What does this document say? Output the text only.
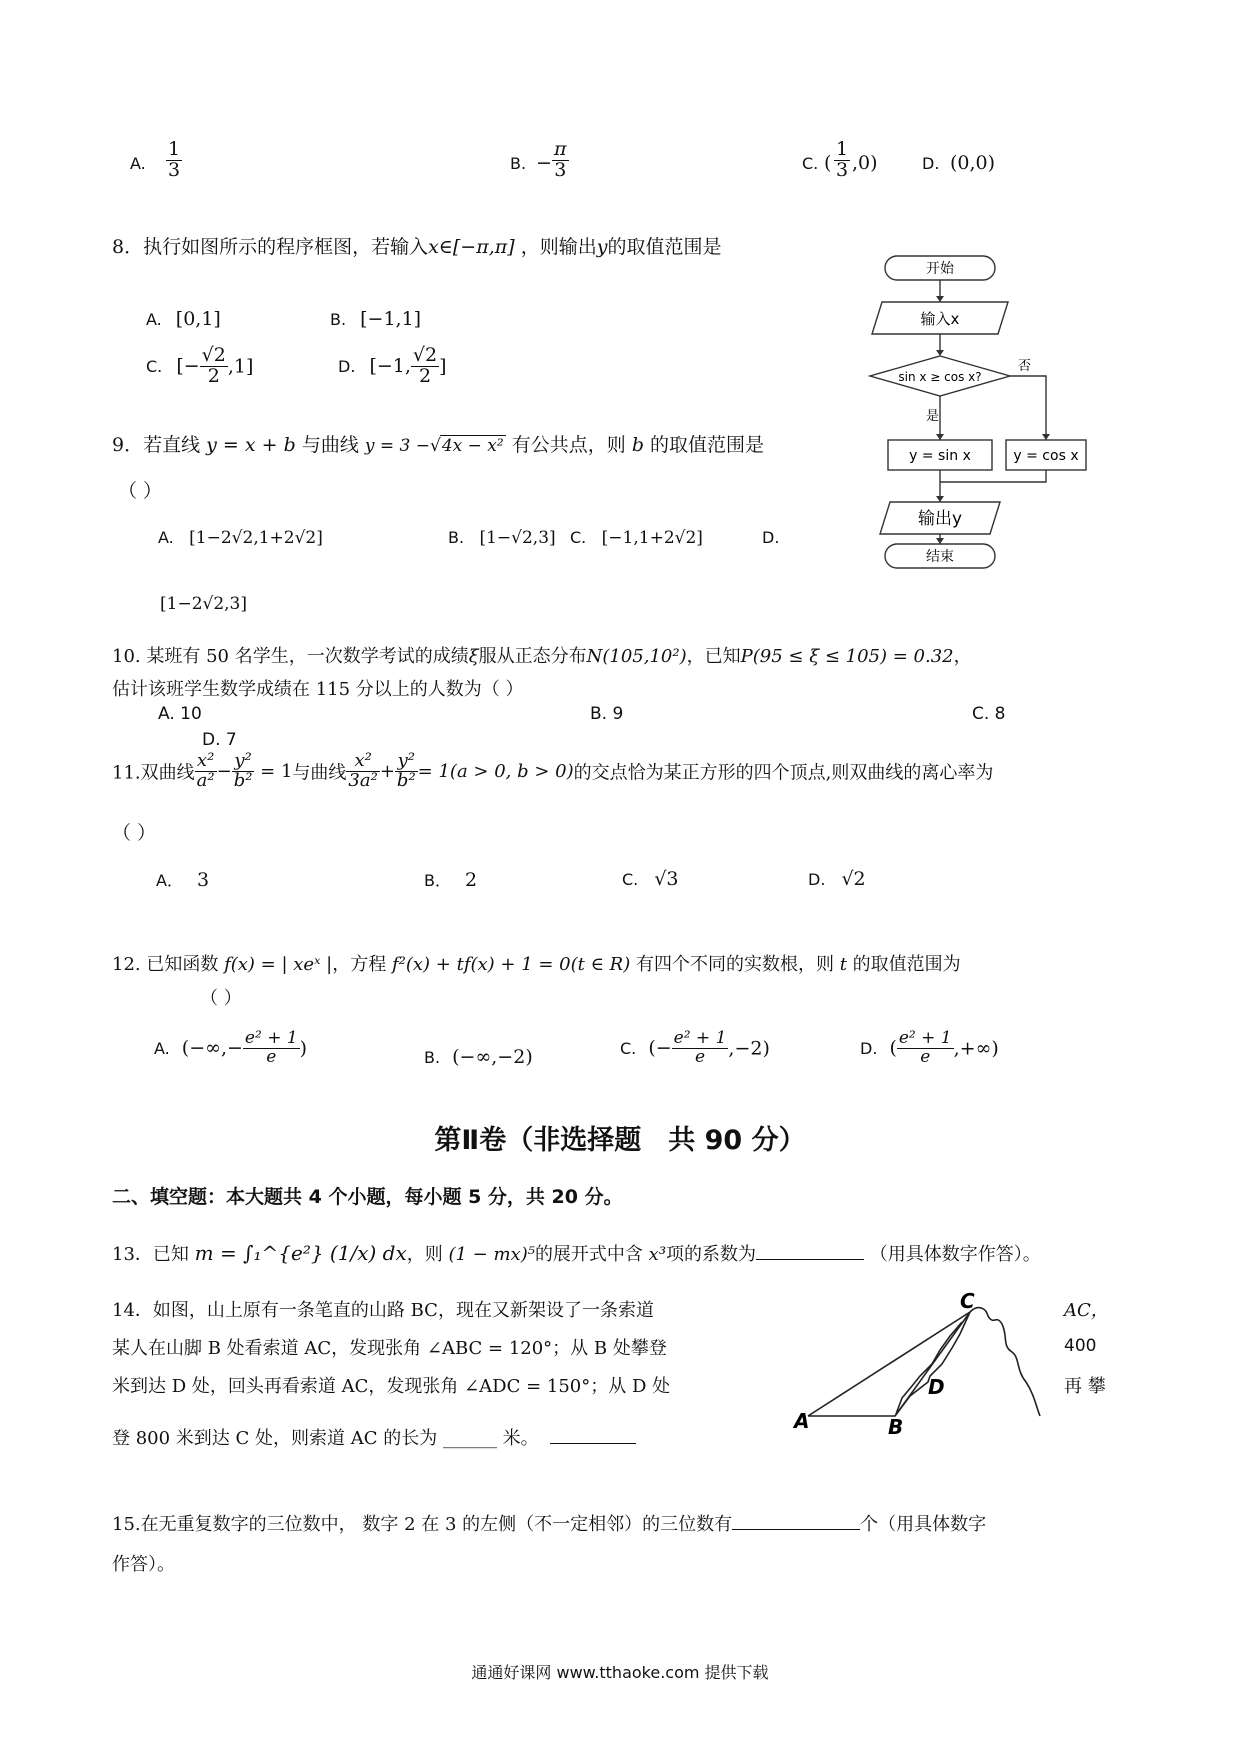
A. $\frac{1}{3}$	B. − $\frac{\pi}{3}$	C. ( $\frac{1}{3} ,0$)	D. (0,0)
8．执行如图所示的程序框图，若输入x∈[−π,π] ，则输出y的取值范围是
A. [0,1]	B. [−1,1]
C. [− $\frac{√2}{2} ,1$]	D. [−1, $\frac{√2}{2}$ ]
开始
输入x
sin x ≥ cos x?
否
是
y = sin x	y = cos x
输出y
结束
9．若直线 y = x + b 与曲线 y = 3 −√4x − x² 有公共点，则 b 的取值范围是
（ ）
A. [1−2√2,1+2√2]	B. [1−√2,3] C. [−1,1+2√2]	D.
[1−2√2,3]
10. 某班有 50 名学生，一次数学考试的成绩ξ服从正态分布N(105,10²)，已知P(95 ≤ ξ ≤ 105) = 0.32，
估计该班学生数学成绩在 115 分以上的人数为（ ）
A. 10	B. 9	C. 8
D. 7
11.双曲线 $\frac{\text{x²}}{\text{a²}} - \frac{\text{y²}}{\text{b²}} = 1$与曲线 $\frac{\text{x²}}{\text{3a²}} + \frac{\text{y²}}{\text{b²}} = 1(a > 0$, b > 0)的交点恰为某正方形的四个顶点,则双曲线的离心率为
（ ）
A． 3	B． 2	C. √3	D. √2
12. 已知函数 f(x) = | xeˣ |，方程 f²(x) + tf(x) + 1 = 0(t ∈ R) 有四个不同的实数根，则 t 的取值范围为
（ ）
A. (−∞,− $\frac{\text{e² + 1}}{e}$ )	B. (−∞,−2)	C. (− $\frac{\text{e² + 1}}{e} ,-2$)	D. ( $\frac{\text{e² + 1}}{e}$ ,+∞)
第Ⅱ卷（非选择题　共 90 分）
二、填空题：本大题共 4 个小题，每小题 5 分，共 20 分。
13．已知 m = ∫₁^{e²} (1/x) dx，则 (1 − mx)⁵的展开式中含 x³项的系数为	（用具体数字作答）。
14．如图，山上原有一条笔直的山路 BC，现在又新架设了一条索道	AC，
某人在山脚 B 处看索道 AC，发现张角 ∠ABC = 120°；从 B 处攀登	400
米到达 D 处，回头再看索道 AC，发现张角 ∠ADC = 150°；从 D 处	再 攀
登 800 米到达 C 处，则索道 AC 的长为 ______ 米。
C
D
A	B
15.在无重复数字的三位数中， 数字 2 在 3 的左侧（不一定相邻）的三位数有	个（用具体数字
作答）。
通通好课网 www.tthaoke.com 提供下载
